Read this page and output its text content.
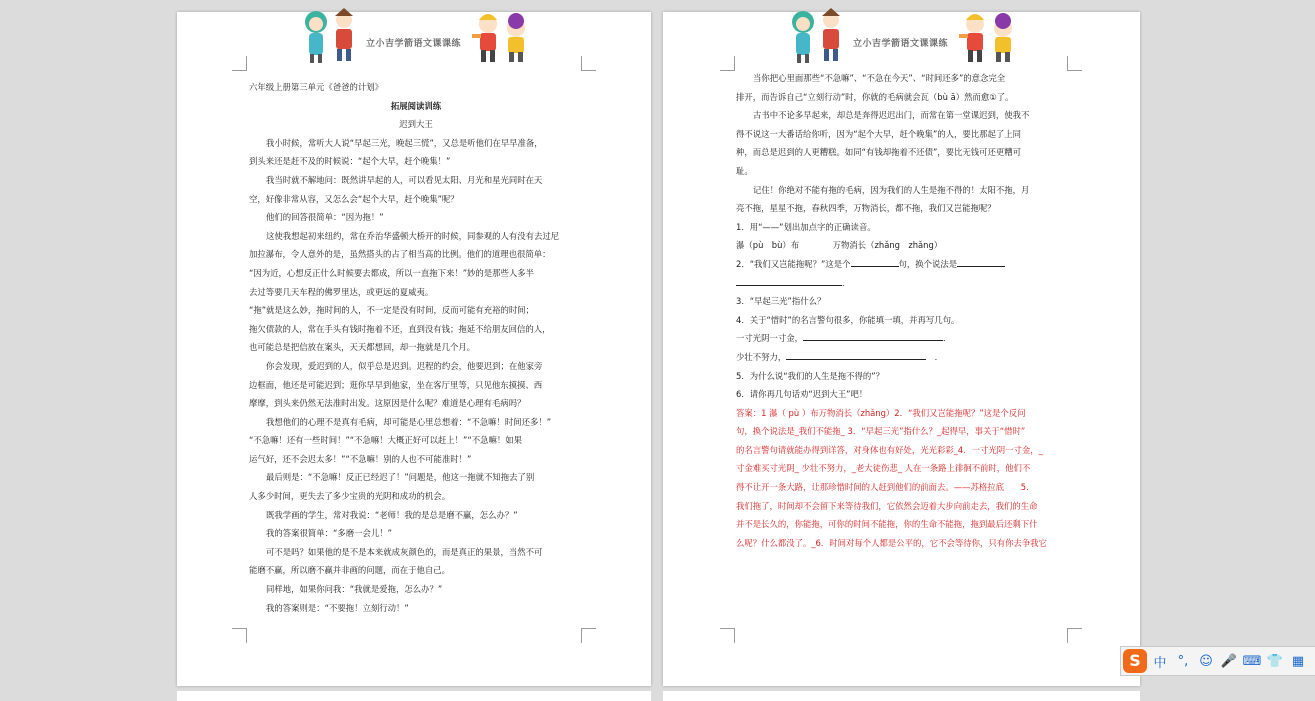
立小吉学箭语文课课练	立小吉学箭语文课课练

六年级上册第三单元《爸爸的计划》

拓展阅读训练

迟到大王

我小时候，常听大人说“早起三光，晚起三慌”，又总是听他们在早早准备，

到头来还是赶不及的时候说：“起个大早，赶个晚集！”

我当时就不解地问：既然讲早起的人，可以看见太阳、月光和星光同时在天

空，好像非常从容，又怎么会“起个大早，赶个晚集”呢？

他们的回答很简单：“因为拖！”

这使我想起初来纽约，常在乔治华盛顿大桥开的时候，同参观的人有没有去过尼

加拉瀑布，令人意外的是，虽然搭头的占了相当高的比例。他们的道理也很简单：

“因为近，心想反正什么时候要去都成，所以一直拖下来！”妙的是那些人多半

去过等要几天车程的佛罗里达，或更远的夏威夷。

“拖”就是这么妙，拖时间的人，不一定是没有时间，反而可能有充裕的时间；

拖欠债款的人，常在手头有钱时拖着不还，直到没有钱；拖延不给朋友回信的人，

也可能总是把信放在案头，天天都想回，却一拖就是几个月。

你会发现，爱迟到的人，似乎总是迟到。迟程的约会，他要迟到；在他家旁

边框面，他还是可能迟到；逛你早早到他家，坐在客厅里等，只见他东摸摸、西

摩摩，到头来仍然无法准时出发。这原因是什么呢？难道是心理有毛病吗？

我想他们的心理不是真有毛病，却可能是心里总想着：“不急嘛！时间还多！”

“不急嘛！还有一些时间！”“不急嘛！大概正好可以赶上！”“不急嘛！如果

运气好，还不会迟太多！”“不急嘛！别的人也不可能准时！”

最后则是：“不急嘛！反正已经迟了！”问题是，他这一拖就不知拖去了别

人多少时间，更失去了多少宝贵的光阴和成功的机会。

既我学画的学生，常对我说：“老师！我的是总是磨不赢，怎么办？”

我的答案很简单：“多磨一会儿！”

可不是吗？如果他的是不是本来就成灰颜色的，而是真正的果景，当然不可

能磨不赢，所以磨不赢并非画的问题，而在于他自己。

同样地，如果你问我：“我就是爱拖，怎么办？”

我的答案则是：“不要拖！立刻行动！”

当你把心里面那些“不急嘛”、“不急在今天”、“时间还多”的意念完全

排开，而告诉自己“立刻行动”时，你就的毛病就会瓦（bù ā）然而愈①了。

古书中不论多早起来，却总是奔得迟迟出门，而常在第一堂课迟到，使我不

得不说这一大番话给你听，因为“起个大早，赶个晚集”的人，要比那起了上同

种，而总是迟到的人更糟糕。如同“有钱却拖着不还债”，要比无钱可还更糟可

耻。

记住！你绝对不能有拖的毛病，因为我们的人生是拖不得的！太阳不拖，月

亮不拖，星星不拖，春秋四季，万物消长，都不拖，我们又岂能拖呢？

1．用“——”划出加点字的正确读音。

瀑（pù　bù）布　　　　万物消长（zhǎng　zhǎng）

2．“我们又岂能拖呢？”这是个	句，换个说法是

．

3．“早起三光”指什么？

4．关于“惜时”的名言警句很多，你能填一填，并再写几句。

一寸光阴一寸金，	．

少壮不努力，	　．

5．为什么说“我们的人生是拖不得的”？

6．请你再几句话劝“迟到大王”吧！

答案：1 瀑（ pù ）布万物消长（zhǎng）2．“我们又岂能拖呢？”这是个反问

句，换个说法是_我们不能拖_ 3．“早起三光”指什么？_起得早，事关于“惜时”

的名言警句请就能办得到详答，对身体也有好处，光光彩彩_4．一寸光阴一寸金，_

寸金难买寸光阴_ 少壮不努力，_老大徒伤悲_ 人在一条路上徘徊不前时，他们不

得不让开一条大路，让那珍惜时间的人赶到他们的前面去。——苏格拉底　　5．

我们拖了，时间却不会留下来等待我们，它依然会迈着大步向前走去，我们的生命

并不是长久的，你能拖，可你的时间不能拖，你的生命不能拖，拖到最后还剩下什

么呢？什么都没了。_6．时间对每个人都是公平的，它不会等待你，只有你去争我它

S 中 °, ☺ 🎤 ⌨ 👕 ▦
